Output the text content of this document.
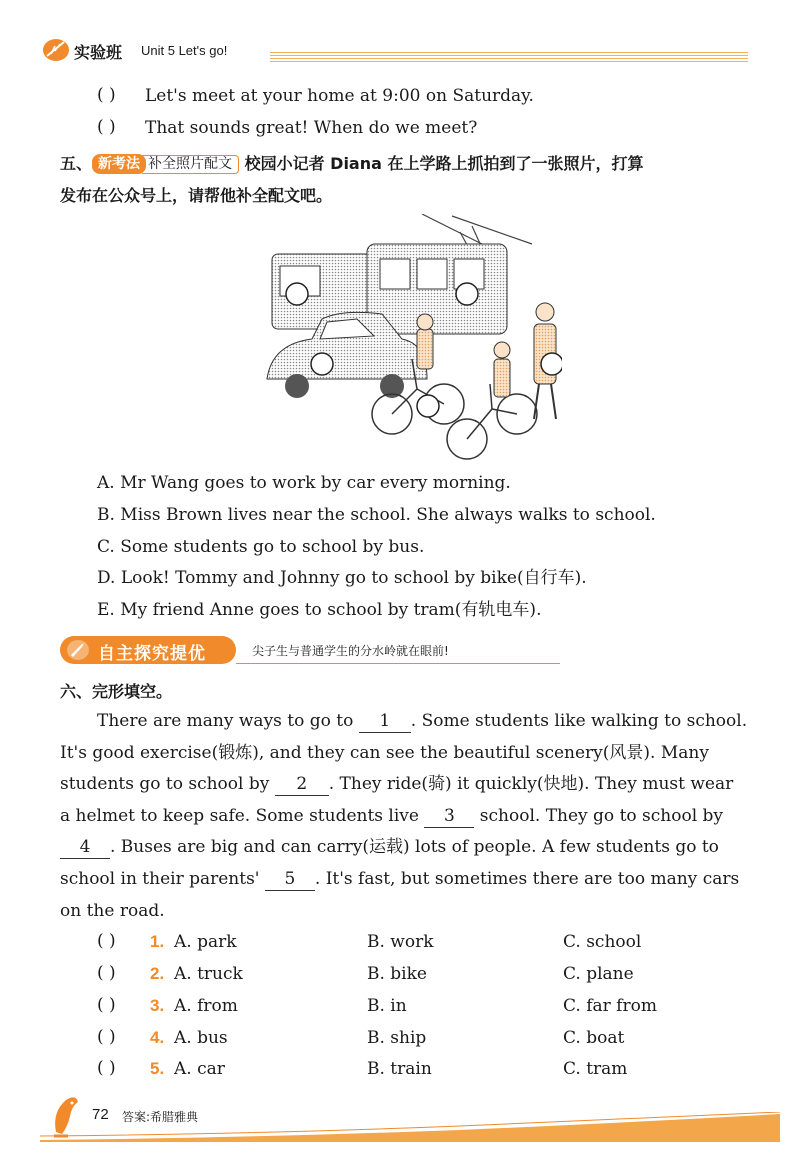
实验班 Unit 5 Let's go!
( ) Let's meet at your home at 9:00 on Saturday.
( ) That sounds great! When do we meet?
五、 新考法 补全照片配文 校园小记者 Diana 在上学路上抓拍到了一张照片，打算
发布在公众号上，请帮他补全配文吧。
A. Mr Wang goes to work by car every morning.
B. Miss Brown lives near the school. She always walks to school.
C. Some students go to school by bus.
D. Look! Tommy and Johnny go to school by bike(自行车).
E. My friend Anne goes to school by tram(有轨电车).
自主探究提优	尖子生与普通学生的分水岭就在眼前!
六、完形填空。
There are many ways to go to 1 . Some students like walking to school.
It's good exercise(锻炼), and they can see the beautiful scenery(风景). Many
students go to school by 2 . They ride(骑) it quickly(快地). They must wear
a helmet to keep safe. Some students live 3 school. They go to school by
4 . Buses are big and can carry(运载) lots of people. A few students go to
school in their parents' 5 . It's fast, but sometimes there are too many cars
on the road.
( ) 1. A. park	B. work	C. school
( ) 2. A. truck	B. bike	C. plane
( ) 3. A. from	B. in	C. far from
( ) 4. A. bus	B. ship	C. boat
( ) 5. A. car	B. train	C. tram
72 答案:希腊雅典
